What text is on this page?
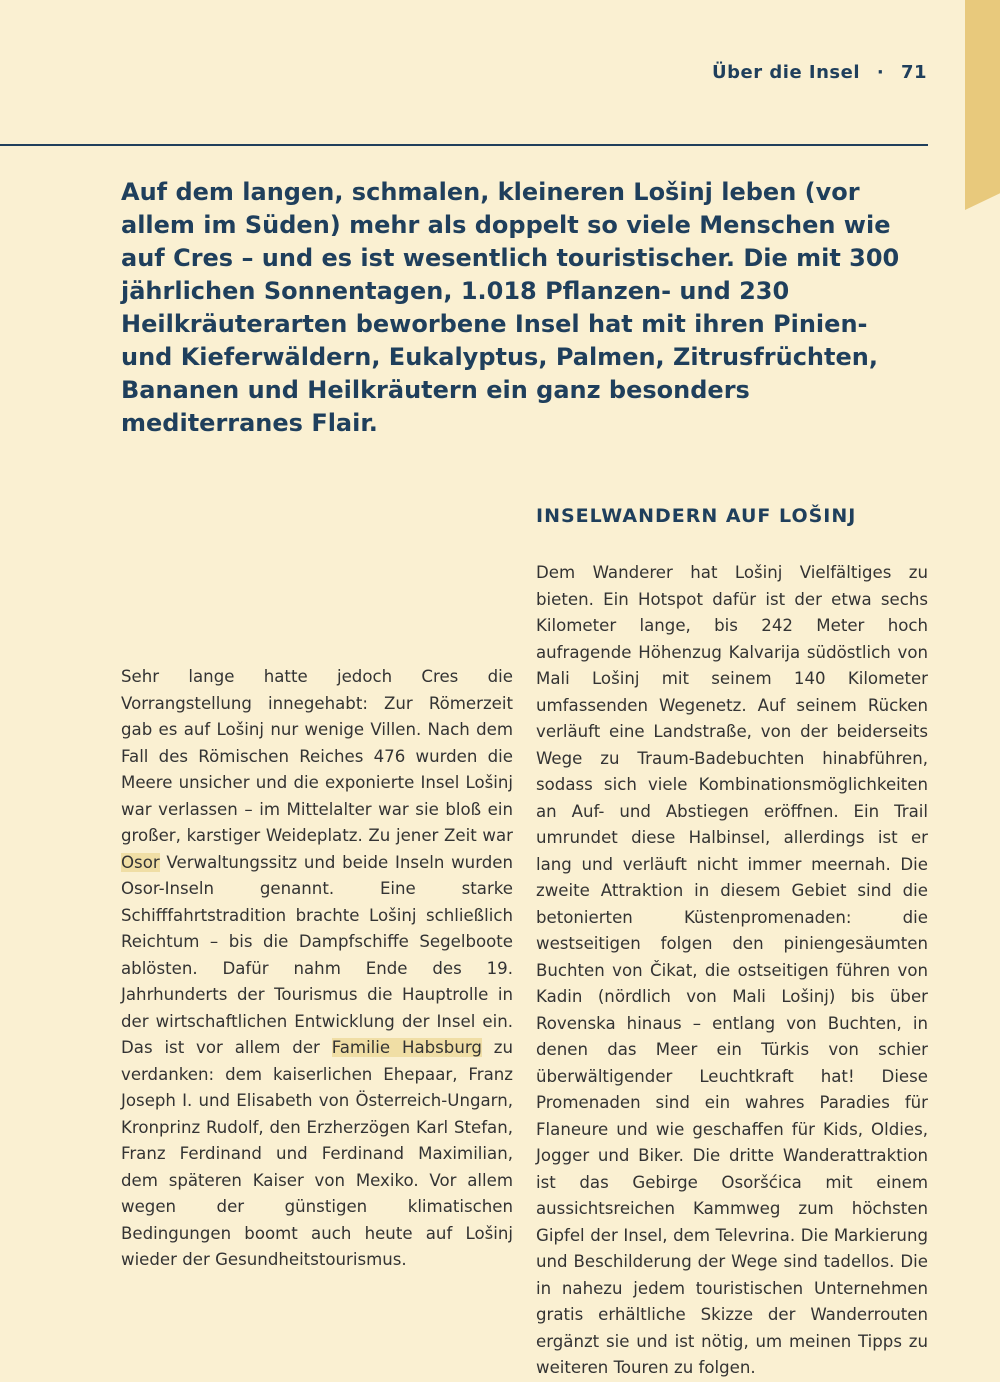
Über die Insel · 71

Auf dem langen, schmalen, kleineren Lošinj leben (vor allem im Süden) mehr als doppelt so viele Menschen wie auf Cres – und es ist wesentlich touristischer. Die mit 300 jährlichen Sonnentagen, 1.018 Pflanzen- und 230 Heilkräuterarten beworbene Insel hat mit ihren Pinien- und Kieferwäldern, Eukalyptus, Palmen, Zitrusfrüchten, Bananen und Heilkräutern ein ganz besonders mediterranes Flair.

Sehr lange hatte jedoch Cres die Vorrangstellung innegehabt: Zur Römerzeit gab es auf Lošinj nur wenige Villen. Nach dem Fall des Römischen Reiches 476 wurden die Meere unsicher und die exponierte Insel Lošinj war verlassen – im Mittelalter war sie bloß ein großer, karstiger Weideplatz. Zu jener Zeit war Osor Verwaltungssitz und beide Inseln wurden Osor-Inseln genannt. Eine starke Schifffahrtstradition brachte Lošinj schließlich Reichtum – bis die Dampfschiffe Segelboote ablösten. Dafür nahm Ende des 19. Jahrhunderts der Tourismus die Hauptrolle in der wirtschaftlichen Entwicklung der Insel ein. Das ist vor allem der Familie Habsburg zu verdanken: dem kaiserlichen Ehepaar, Franz Joseph I. und Elisabeth von Österreich-Ungarn, Kronprinz Rudolf, den Erzherzögen Karl Stefan, Franz Ferdinand und Ferdinand Maximilian, dem späteren Kaiser von Mexiko. Vor allem wegen der günstigen klimatischen Bedingungen boomt auch heute auf Lošinj wieder der Gesundheitstourismus.

INSELWANDERN AUF LOŠINJ

Dem Wanderer hat Lošinj Vielfältiges zu bieten. Ein Hotspot dafür ist der etwa sechs Kilometer lange, bis 242 Meter hoch aufragende Höhenzug Kalvarija südöstlich von Mali Lošinj mit seinem 140 Kilometer umfassenden Wegenetz. Auf seinem Rücken verläuft eine Landstraße, von der beiderseits Wege zu Traum-Badebuchten hinabführen, sodass sich viele Kombinationsmöglichkeiten an Auf- und Abstiegen eröffnen. Ein Trail umrundet diese Halbinsel, allerdings ist er lang und verläuft nicht immer meernah. Die zweite Attraktion in diesem Gebiet sind die betonierten Küstenpromenaden: die westseitigen folgen den piniengesäumten Buchten von Čikat, die ostseitigen führen von Kadin (nördlich von Mali Lošinj) bis über Rovenska hinaus – entlang von Buchten, in denen das Meer ein Türkis von schier überwältigender Leuchtkraft hat! Diese Promenaden sind ein wahres Paradies für Flaneure und wie geschaffen für Kids, Oldies, Jogger und Biker. Die dritte Wanderattraktion ist das Gebirge Osoršćica mit einem aussichtsreichen Kammweg zum höchsten Gipfel der Insel, dem Televrina. Die Markierung und Beschilderung der Wege sind tadellos. Die in nahezu jedem touristischen Unternehmen gratis erhältliche Skizze der Wanderrouten ergänzt sie und ist nötig, um meinen Tipps zu weiteren Touren zu folgen.
